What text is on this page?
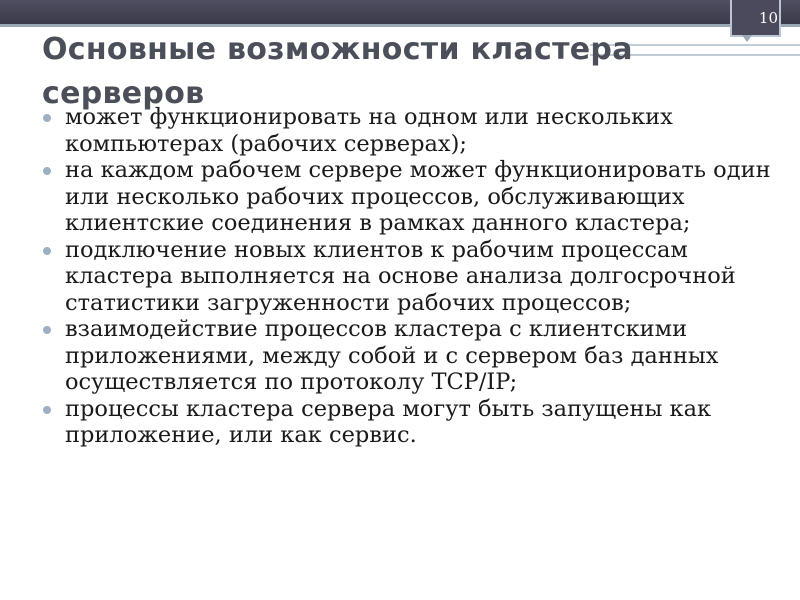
10
Основные возможности кластера серверов
может функционировать на одном или нескольких компьютерах (рабочих серверах);
на каждом рабочем сервере может функционировать один или несколько рабочих процессов, обслуживающих клиентские соединения в рамках данного кластера;
подключение новых клиентов к рабочим процессам кластера выполняется на основе анализа долгосрочной статистики загруженности рабочих процессов;
взаимодействие процессов кластера с клиентскими приложениями, между собой и с сервером баз данных осуществляется по протоколу TCP/IP;
процессы кластера сервера могут быть запущены как приложение, или как сервис.
